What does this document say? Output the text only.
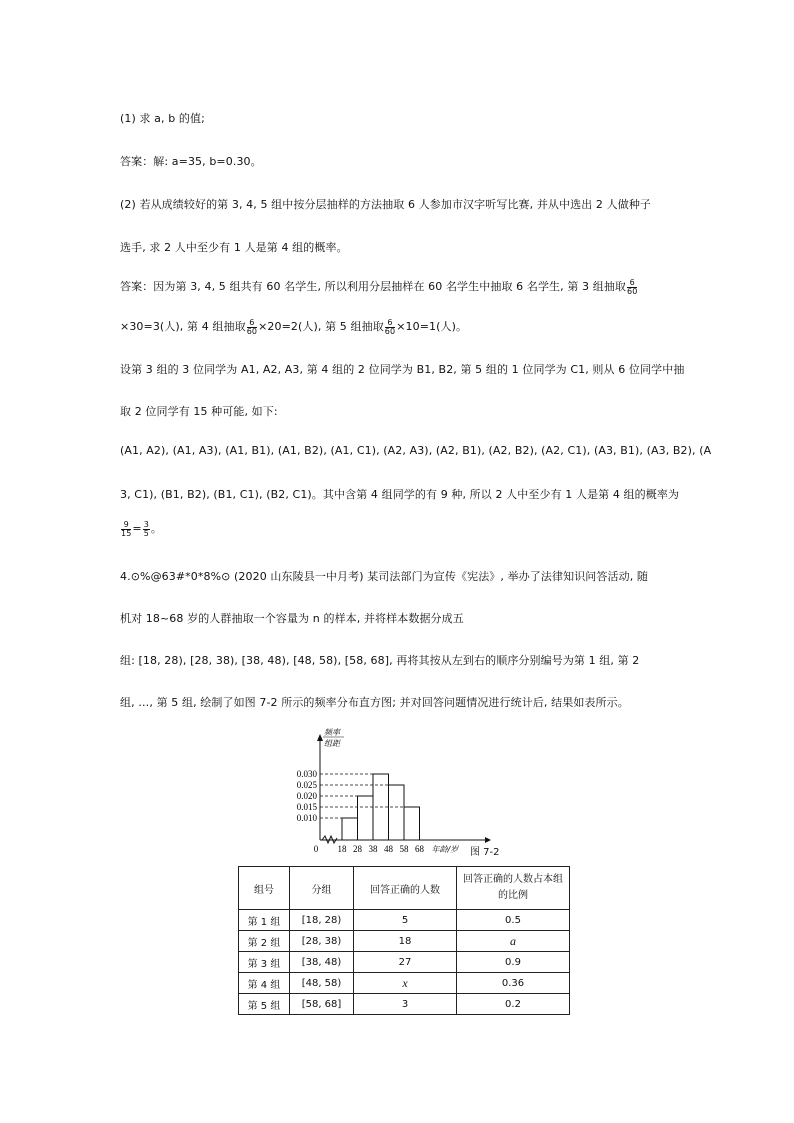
(1) 求 a, b 的值;
答案：解: a=35, b=0.30。
(2) 若从成绩较好的第 3, 4, 5 组中按分层抽样的方法抽取 6 人参加市汉字听写比赛, 并从中选出 2 人做种子
选手, 求 2 人中至少有 1 人是第 4 组的概率。
答案：因为第 3, 4, 5 组共有 60 名学生, 所以利用分层抽样在 60 名学生中抽取 6 名学生, 第 3 组抽取 $\frac{6}{60}$
×30=3(人), 第 4 组抽取 $\frac{6}{60} \times 20=2$(人), 第 5 组抽取 $\frac{6}{60} \times 10=1$(人)。
设第 3 组的 3 位同学为 A1, A2, A3, 第 4 组的 2 位同学为 B1, B2, 第 5 组的 1 位同学为 C1, 则从 6 位同学中抽
取 2 位同学有 15 种可能, 如下:
(A1, A2), (A1, A3), (A1, B1), (A1, B2), (A1, C1), (A2, A3), (A2, B1), (A2, B2), (A2, C1), (A3, B1), (A3, B2), (A
3, C1), (B1, B2), (B1, C1), (B2, C1)。其中含第 4 组同学的有 9 种, 所以 2 人中至少有 1 人是第 4 组的概率为
$\frac{9}{15} = \frac{3}{5}$ 。
4.⊙%@63#*0*8%⊙ (2020 山东陵县一中月考) 某司法部门为宣传《宪法》, 举办了法律知识问答活动, 随
机对 18~68 岁的人群抽取一个容量为 n 的样本, 并将样本数据分成五
组: [18, 28), [28, 38), [38, 48), [48, 58), [58, 68], 再将其按从左到右的顺序分别编号为第 1 组, 第 2
组, …, 第 5 组, 绘制了如图 7-2 所示的频率分布直方图; 并对回答问题情况进行统计后, 结果如表所示。
0.010
0.015
0.020
0.025
0.030
18 28 38 48 58 68
0	年龄/岁
频率
组距
图 7-2
组号	分组	回答正确的人数	回答正确的人数占本组的比例
第 1 组	[18, 28)	5	0.5
第 2 组	[28, 38)	18	a
第 3 组	[38, 48)	27	0.9
第 4 组	[48, 58)	x	0.36
第 5 组	[58, 68]	3	0.2
